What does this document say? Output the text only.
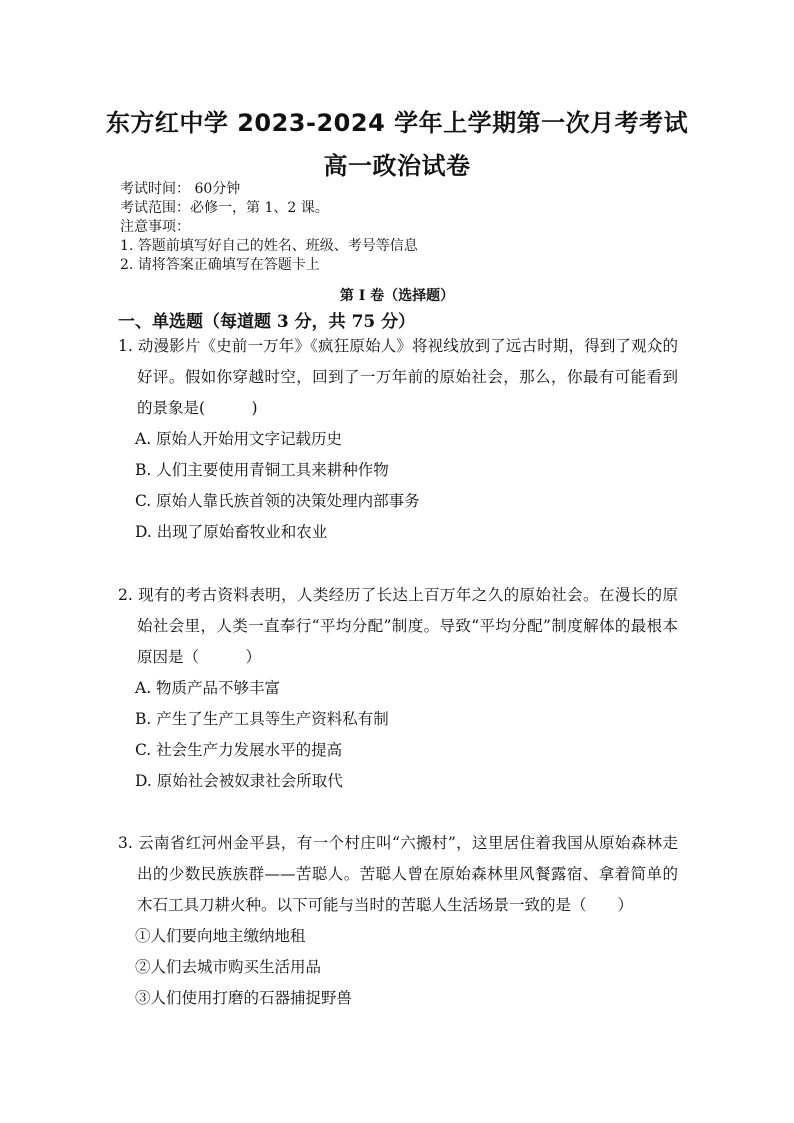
东方红中学 2023-2024 学年上学期第一次月考考试
高一政治试卷
考试时间： 60分钟
考试范围：必修一，第 1、2 课。
注意事项：
1. 答题前填写好自己的姓名、班级、考号等信息
2. 请将答案正确填写在答题卡上
第 I 卷（选择题）
一、单选题（每道题 3 分，共 75 分）
1. 动漫影片《史前一万年》《疯狂原始人》将视线放到了远古时期，得到了观众的好评。假如你穿越时空，回到了一万年前的原始社会，那么，你最有可能看到的景象是(　　　)
A. 原始人开始用文字记载历史
B. 人们主要使用青铜工具来耕种作物
C. 原始人靠氏族首领的决策处理内部事务
D. 出现了原始畜牧业和农业
2. 现有的考古资料表明，人类经历了长达上百万年之久的原始社会。在漫长的原始社会里，人类一直奉行“平均分配”制度。导致“平均分配”制度解体的最根本原因是（　　　）
A. 物质产品不够丰富
B. 产生了生产工具等生产资料私有制
C. 社会生产力发展水平的提高
D. 原始社会被奴隶社会所取代
3. 云南省红河州金平县，有一个村庄叫“六搬村”，这里居住着我国从原始森林走出的少数民族族群——苦聪人。苦聪人曾在原始森林里风餐露宿、拿着简单的木石工具刀耕火种。以下可能与当时的苦聪人生活场景一致的是（　　）
①人们要向地主缴纳地租
②人们去城市购买生活用品
③人们使用打磨的石器捕捉野兽
